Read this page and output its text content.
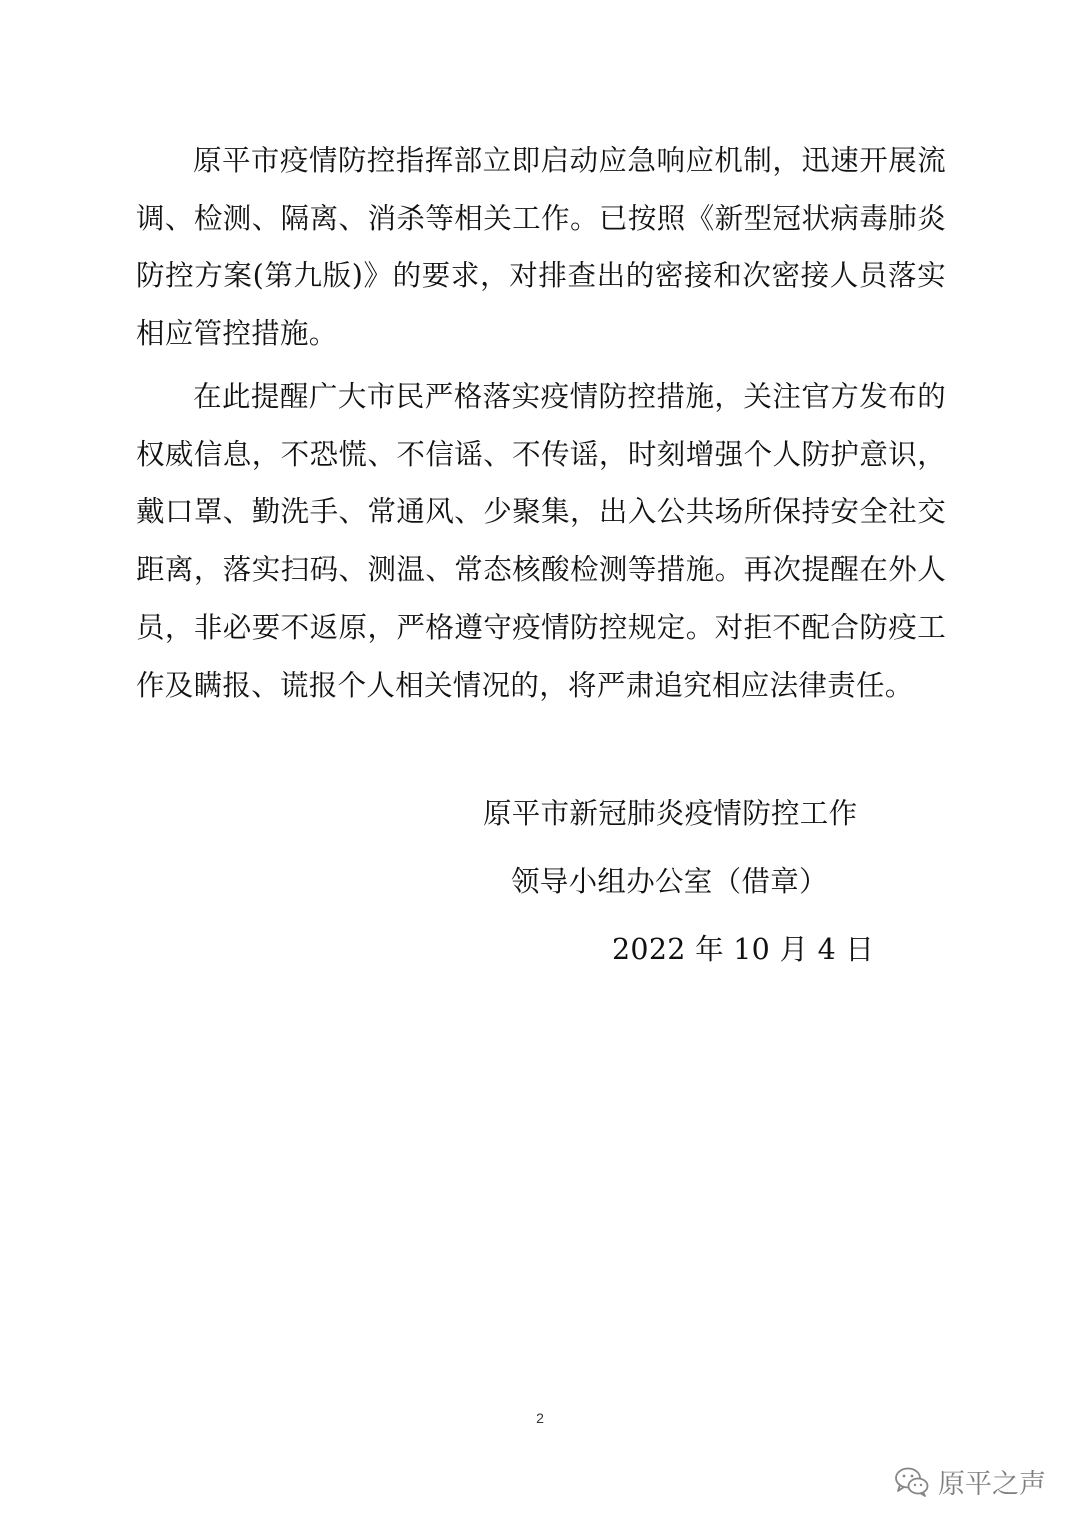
原平市疫情防控指挥部立即启动应急响应机制，迅速开展流调、检测、隔离、消杀等相关工作。已按照《新型冠状病毒肺炎防控方案(第九版)》的要求，对排查出的密接和次密接人员落实相应管控措施。

在此提醒广大市民严格落实疫情防控措施，关注官方发布的权威信息，不恐慌、不信谣、不传谣，时刻增强个人防护意识，戴口罩、勤洗手、常通风、少聚集，出入公共场所保持安全社交距离，落实扫码、测温、常态核酸检测等措施。再次提醒在外人员，非必要不返原，严格遵守疫情防控规定。对拒不配合防疫工作及瞒报、谎报个人相关情况的，将严肃追究相应法律责任。

原平市新冠肺炎疫情防控工作
领导小组办公室（借章）
2022 年 10 月 4 日
2
原平之声
